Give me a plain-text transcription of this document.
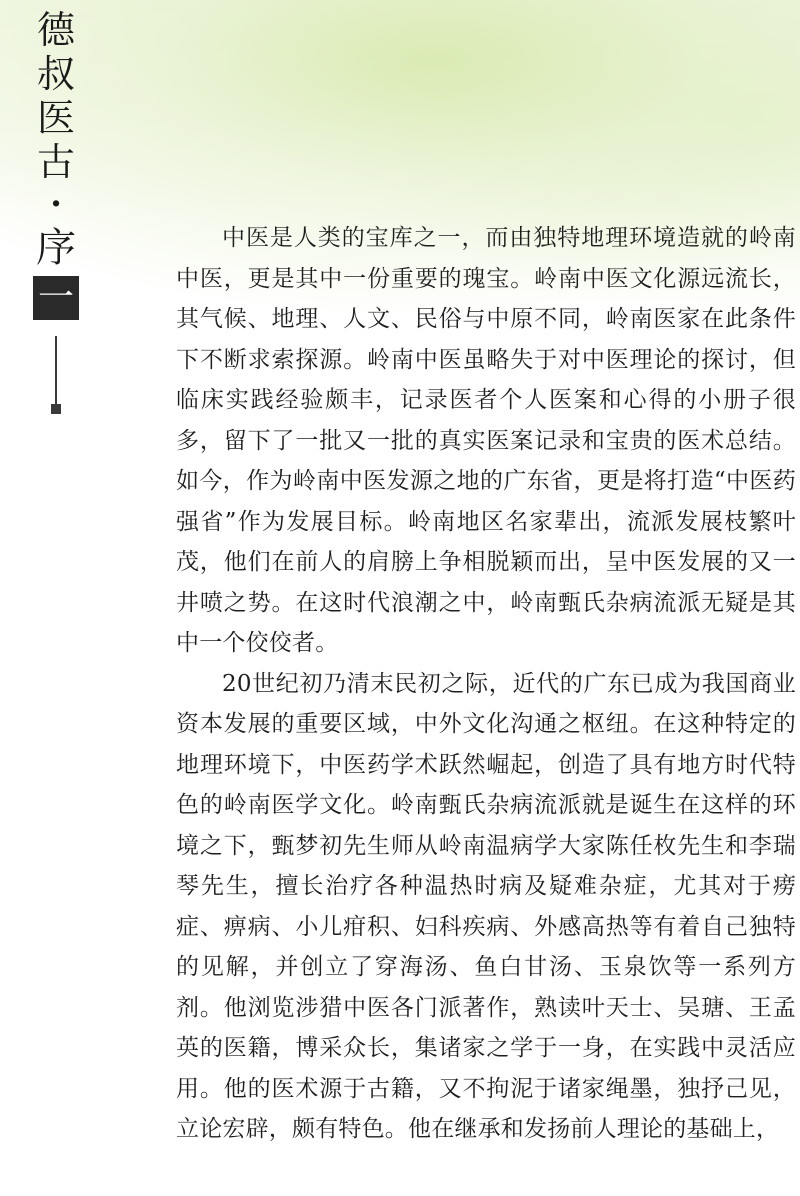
德
叔
医
古
·
序
一

中医是人类的宝库之一，而由独特地理环境造就的岭南中医，更是其中一份重要的瑰宝。岭南中医文化源远流长，其气候、地理、人文、民俗与中原不同，岭南医家在此条件下不断求索探源。岭南中医虽略失于对中医理论的探讨，但临床实践经验颇丰，记录医者个人医案和心得的小册子很多，留下了一批又一批的真实医案记录和宝贵的医术总结。如今，作为岭南中医发源之地的广东省，更是将打造“中医药强省”作为发展目标。岭南地区名家辈出，流派发展枝繁叶茂，他们在前人的肩膀上争相脱颖而出，呈中医发展的又一井喷之势。在这时代浪潮之中，岭南甄氏杂病流派无疑是其中一个佼佼者。

20世纪初乃清末民初之际，近代的广东已成为我国商业资本发展的重要区域，中外文化沟通之枢纽。在这种特定的地理环境下，中医药学术跃然崛起，创造了具有地方时代特色的岭南医学文化。岭南甄氏杂病流派就是诞生在这样的环境之下，甄梦初先生师从岭南温病学大家陈任枚先生和李瑞琴先生，擅长治疗各种温热时病及疑难杂症，尤其对于痨症、痹病、小儿疳积、妇科疾病、外感高热等有着自己独特的见解，并创立了穿海汤、鱼白甘汤、玉泉饮等一系列方剂。他浏览涉猎中医各门派著作，熟读叶天士、吴瑭、王孟英的医籍，博采众长，集诸家之学于一身，在实践中灵活应用。他的医术源于古籍，又不拘泥于诸家绳墨，独抒己见，立论宏辟，颇有特色。他在继承和发扬前人理论的基础上，
